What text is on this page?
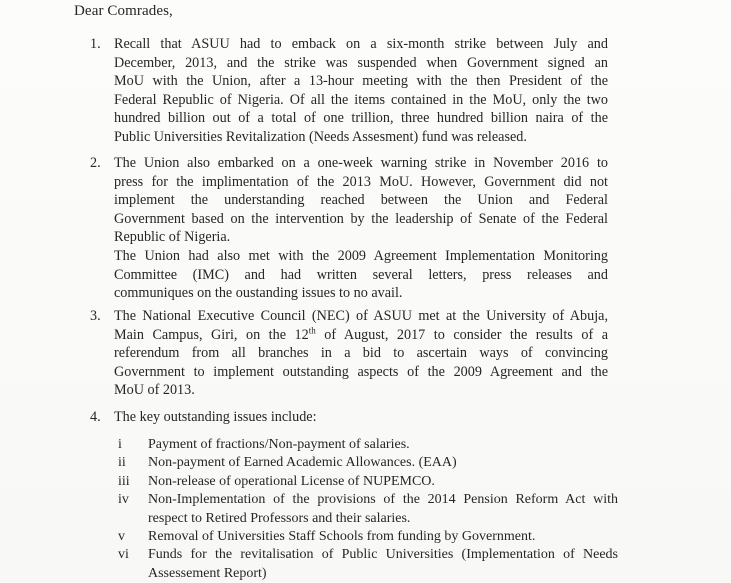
Dear Comrades,
1. Recall that ASUU had to emback on a six-month strike between July and
December, 2013, and the strike was suspended when Government signed an
MoU with the Union, after a 13-hour meeting with the then President of the
Federal Republic of Nigeria. Of all the items contained in the MoU, only the two
hundred billion out of a total of one trillion, three hundred billion naira of the
Public Universities Revitalization (Needs Assesment) fund was released.
2. The Union also embarked on a one-week warning strike in November 2016 to
press for the implimentation of the 2013 MoU. However, Government did not
implement the understanding reached between the Union and Federal
Government based on the intervention by the leadership of Senate of the Federal
Republic of Nigeria.
The Union had also met with the 2009 Agreement Implementation Monitoring
Committee (IMC) and had written several letters, press releases and
communiques on the oustanding issues to no avail.
3. The National Executive Council (NEC) of ASUU met at the University of Abuja,
Main Campus, Giri, on the 12th of August, 2017 to consider the results of a
referendum from all branches in a bid to ascertain ways of convincing
Government to implement outstanding aspects of the 2009 Agreement and the
MoU of 2013.
4. The key outstanding issues include:
i	Payment of fractions/Non-payment of salaries.
ii	Non-payment of Earned Academic Allowances. (EAA)
iii	Non-release of operational License of NUPEMCO.
iv	Non-Implementation of the provisions of the 2014 Pension Reform Act with
respect to Retired Professors and their salaries.
v	Removal of Universities Staff Schools from funding by Government.
vi	Funds for the revitalisation of Public Universities (Implementation of Needs
Assessement Report)
